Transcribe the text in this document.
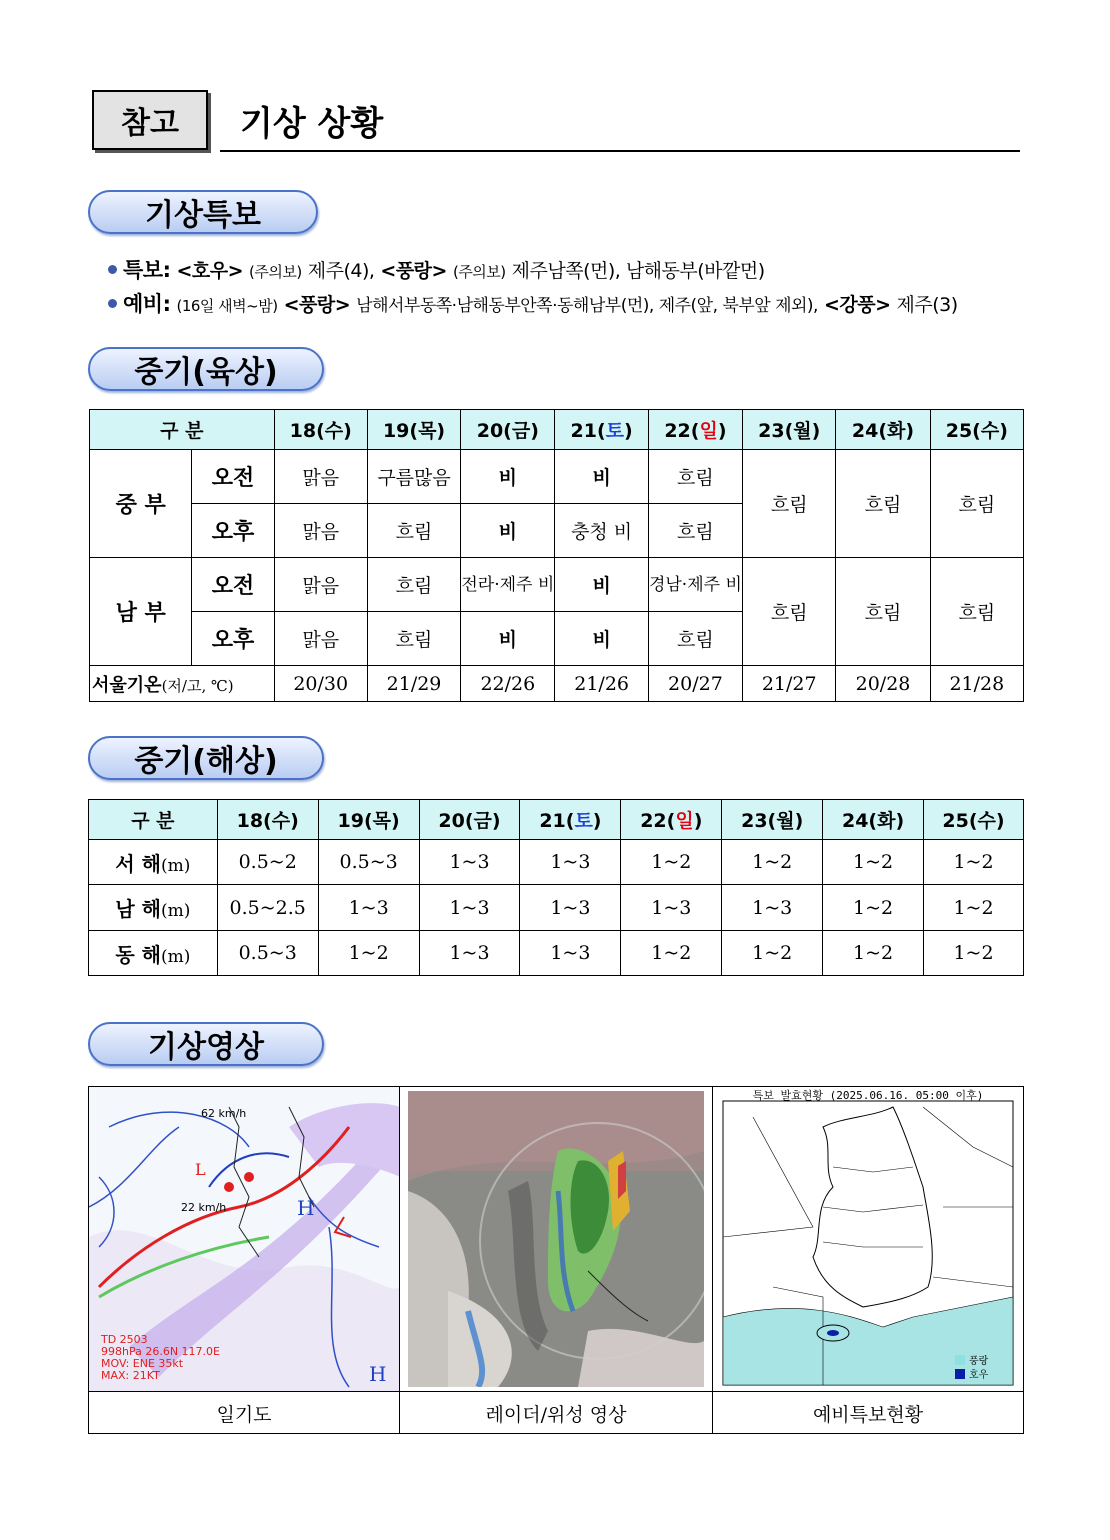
참고	기상 상황
기상특보
특보: <호우> (주의보) 제주(4), <풍랑> (주의보) 제주남쪽(먼), 남해동부(바깥먼)
예비: (16일 새벽~밤) <풍랑> 남해서부동쪽·남해동부안쪽·동해남부(먼), 제주(앞, 북부앞 제외), <강풍> 제주(3)
중기(육상)
구 분		18(수)	19(목)	20(금)	21(토)	22(일)	23(월)	24(화)	25(수)
중 부	오전	맑음	구름많음	비	비	흐림	흐림	흐림	흐림
	오후	맑음	흐림	비	충청 비	흐림			
남 부	오전	맑음	흐림	전라·제주 비	비	경남·제주 비	흐림	흐림	흐림
	오후	맑음	흐림	비	비	흐림			
서울기온(저/고, ℃)		20/30	21/29	22/26	21/26	20/27	21/27	20/28	21/28
중기(해상)
구 분	18(수)	19(목)	20(금)	21(토)	22(일)	23(월)	24(화)	25(수)
서 해(m)	0.5~2	0.5~3	1~3	1~3	1~2	1~2	1~2	1~2
남 해(m)	0.5~2.5	1~3	1~3	1~3	1~3	1~3	1~2	1~2
동 해(m)	0.5~3	1~2	1~3	1~3	1~2	1~2	1~2	1~2
기상영상
62 km/h
22 km/h	H
H
L
TD 2503
998hPa 26.6N 117.0E
MOV: ENE 35kt
MAX: 21KT
특보 발효현황 (2025.06.16. 05:00 이후)
풍랑
호우
일기도	레이더/위성 영상	예비특보현황
